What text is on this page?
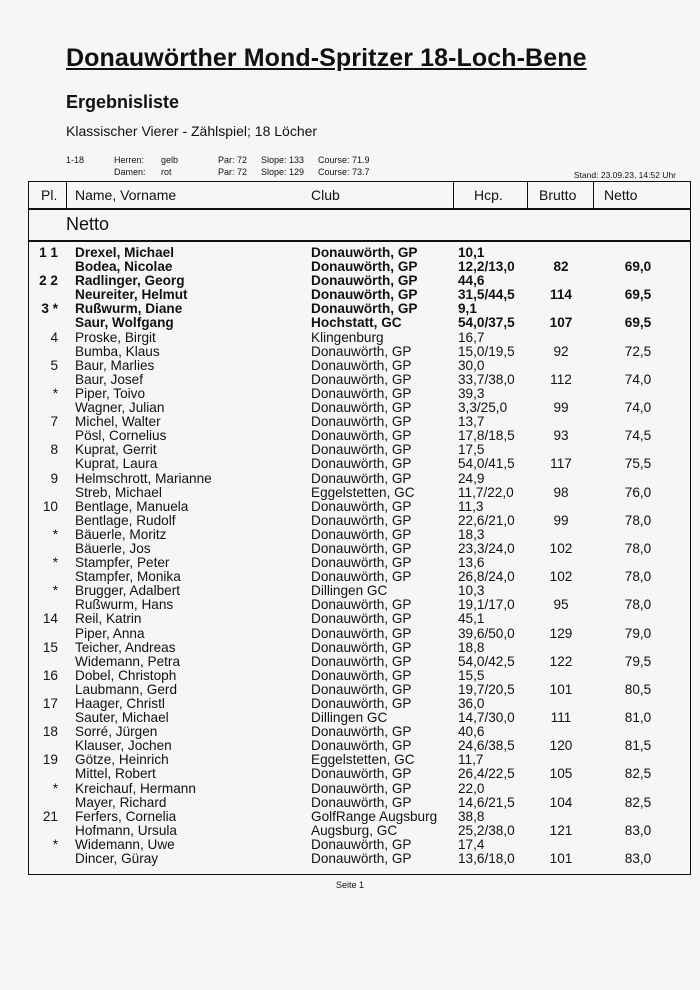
Donauwörther Mond-Spritzer 18-Loch-Bene
Ergebnisliste
Klassischer Vierer - Zählspiel; 18 Löcher
1-18	Herren:
Damen:
gelb
rot
Par: 72
Par: 72
Slope: 133
Slope: 129
Course: 71.9
Course: 73.7	Stand: 23.09.23, 14:52 Uhr
Pl. Name, Vorname	Club	Hcp.	Brutto Netto
Netto
1 1 Drexel, Michael	Donauwörth, GP	10,1
Bodea, Nicolae	Donauwörth, GP	12,2/13,0	82	69,0
2 2 Radlinger, Georg	Donauwörth, GP	44,6
Neureiter, Helmut	Donauwörth, GP	31,5/44,5	114	69,5
3 * Rußwurm, Diane	Donauwörth, GP	9,1
Saur, Wolfgang	Hochstatt, GC	54,0/37,5	107	69,5
4 Proske, Birgit	Klingenburg	16,7
Bumba, Klaus	Donauwörth, GP	15,0/19,5	92	72,5
5 Baur, Marlies	Donauwörth, GP	30,0
Baur, Josef	Donauwörth, GP	33,7/38,0	112	74,0
* Piper, Toivo	Donauwörth, GP	39,3
Wagner, Julian	Donauwörth, GP	3,3/25,0	99	74,0
7 Michel, Walter	Donauwörth, GP	13,7
Pösl, Cornelius	Donauwörth, GP	17,8/18,5	93	74,5
8 Kuprat, Gerrit	Donauwörth, GP	17,5
Kuprat, Laura	Donauwörth, GP	54,0/41,5	117	75,5
9 Helmschrott, Marianne	Donauwörth, GP	24,9
Streb, Michael	Eggelstetten, GC	11,7/22,0	98	76,0
10 Bentlage, Manuela	Donauwörth, GP	11,3
Bentlage, Rudolf	Donauwörth, GP	22,6/21,0	99	78,0
* Bäuerle, Moritz	Donauwörth, GP	18,3
Bäuerle, Jos	Donauwörth, GP	23,3/24,0	102	78,0
* Stampfer, Peter	Donauwörth, GP	13,6
Stampfer, Monika	Donauwörth, GP	26,8/24,0	102	78,0
* Brugger, Adalbert	Dillingen GC	10,3
Rußwurm, Hans	Donauwörth, GP	19,1/17,0	95	78,0
14 Reil, Katrin	Donauwörth, GP	45,1
Piper, Anna	Donauwörth, GP	39,6/50,0	129	79,0
15 Teicher, Andreas	Donauwörth, GP	18,8
Widemann, Petra	Donauwörth, GP	54,0/42,5	122	79,5
16 Dobel, Christoph	Donauwörth, GP	15,5
Laubmann, Gerd	Donauwörth, GP	19,7/20,5	101	80,5
17 Haager, Christl	Donauwörth, GP	36,0
Sauter, Michael	Dillingen GC	14,7/30,0	111	81,0
18 Sorré, Jürgen	Donauwörth, GP	40,6
Klauser, Jochen	Donauwörth, GP	24,6/38,5	120	81,5
19 Götze, Heinrich	Eggelstetten, GC	11,7
Mittel, Robert	Donauwörth, GP	26,4/22,5	105	82,5
* Kreichauf, Hermann	Donauwörth, GP	22,0
Mayer, Richard	Donauwörth, GP	14,6/21,5	104	82,5
21 Ferfers, Cornelia	GolfRange Augsburg 38,8
Hofmann, Ursula	Augsburg, GC	25,2/38,0	121	83,0
* Widemann, Uwe	Donauwörth, GP	17,4
Dincer, Güray	Donauwörth, GP	13,6/18,0	101	83,0
Seite 1
